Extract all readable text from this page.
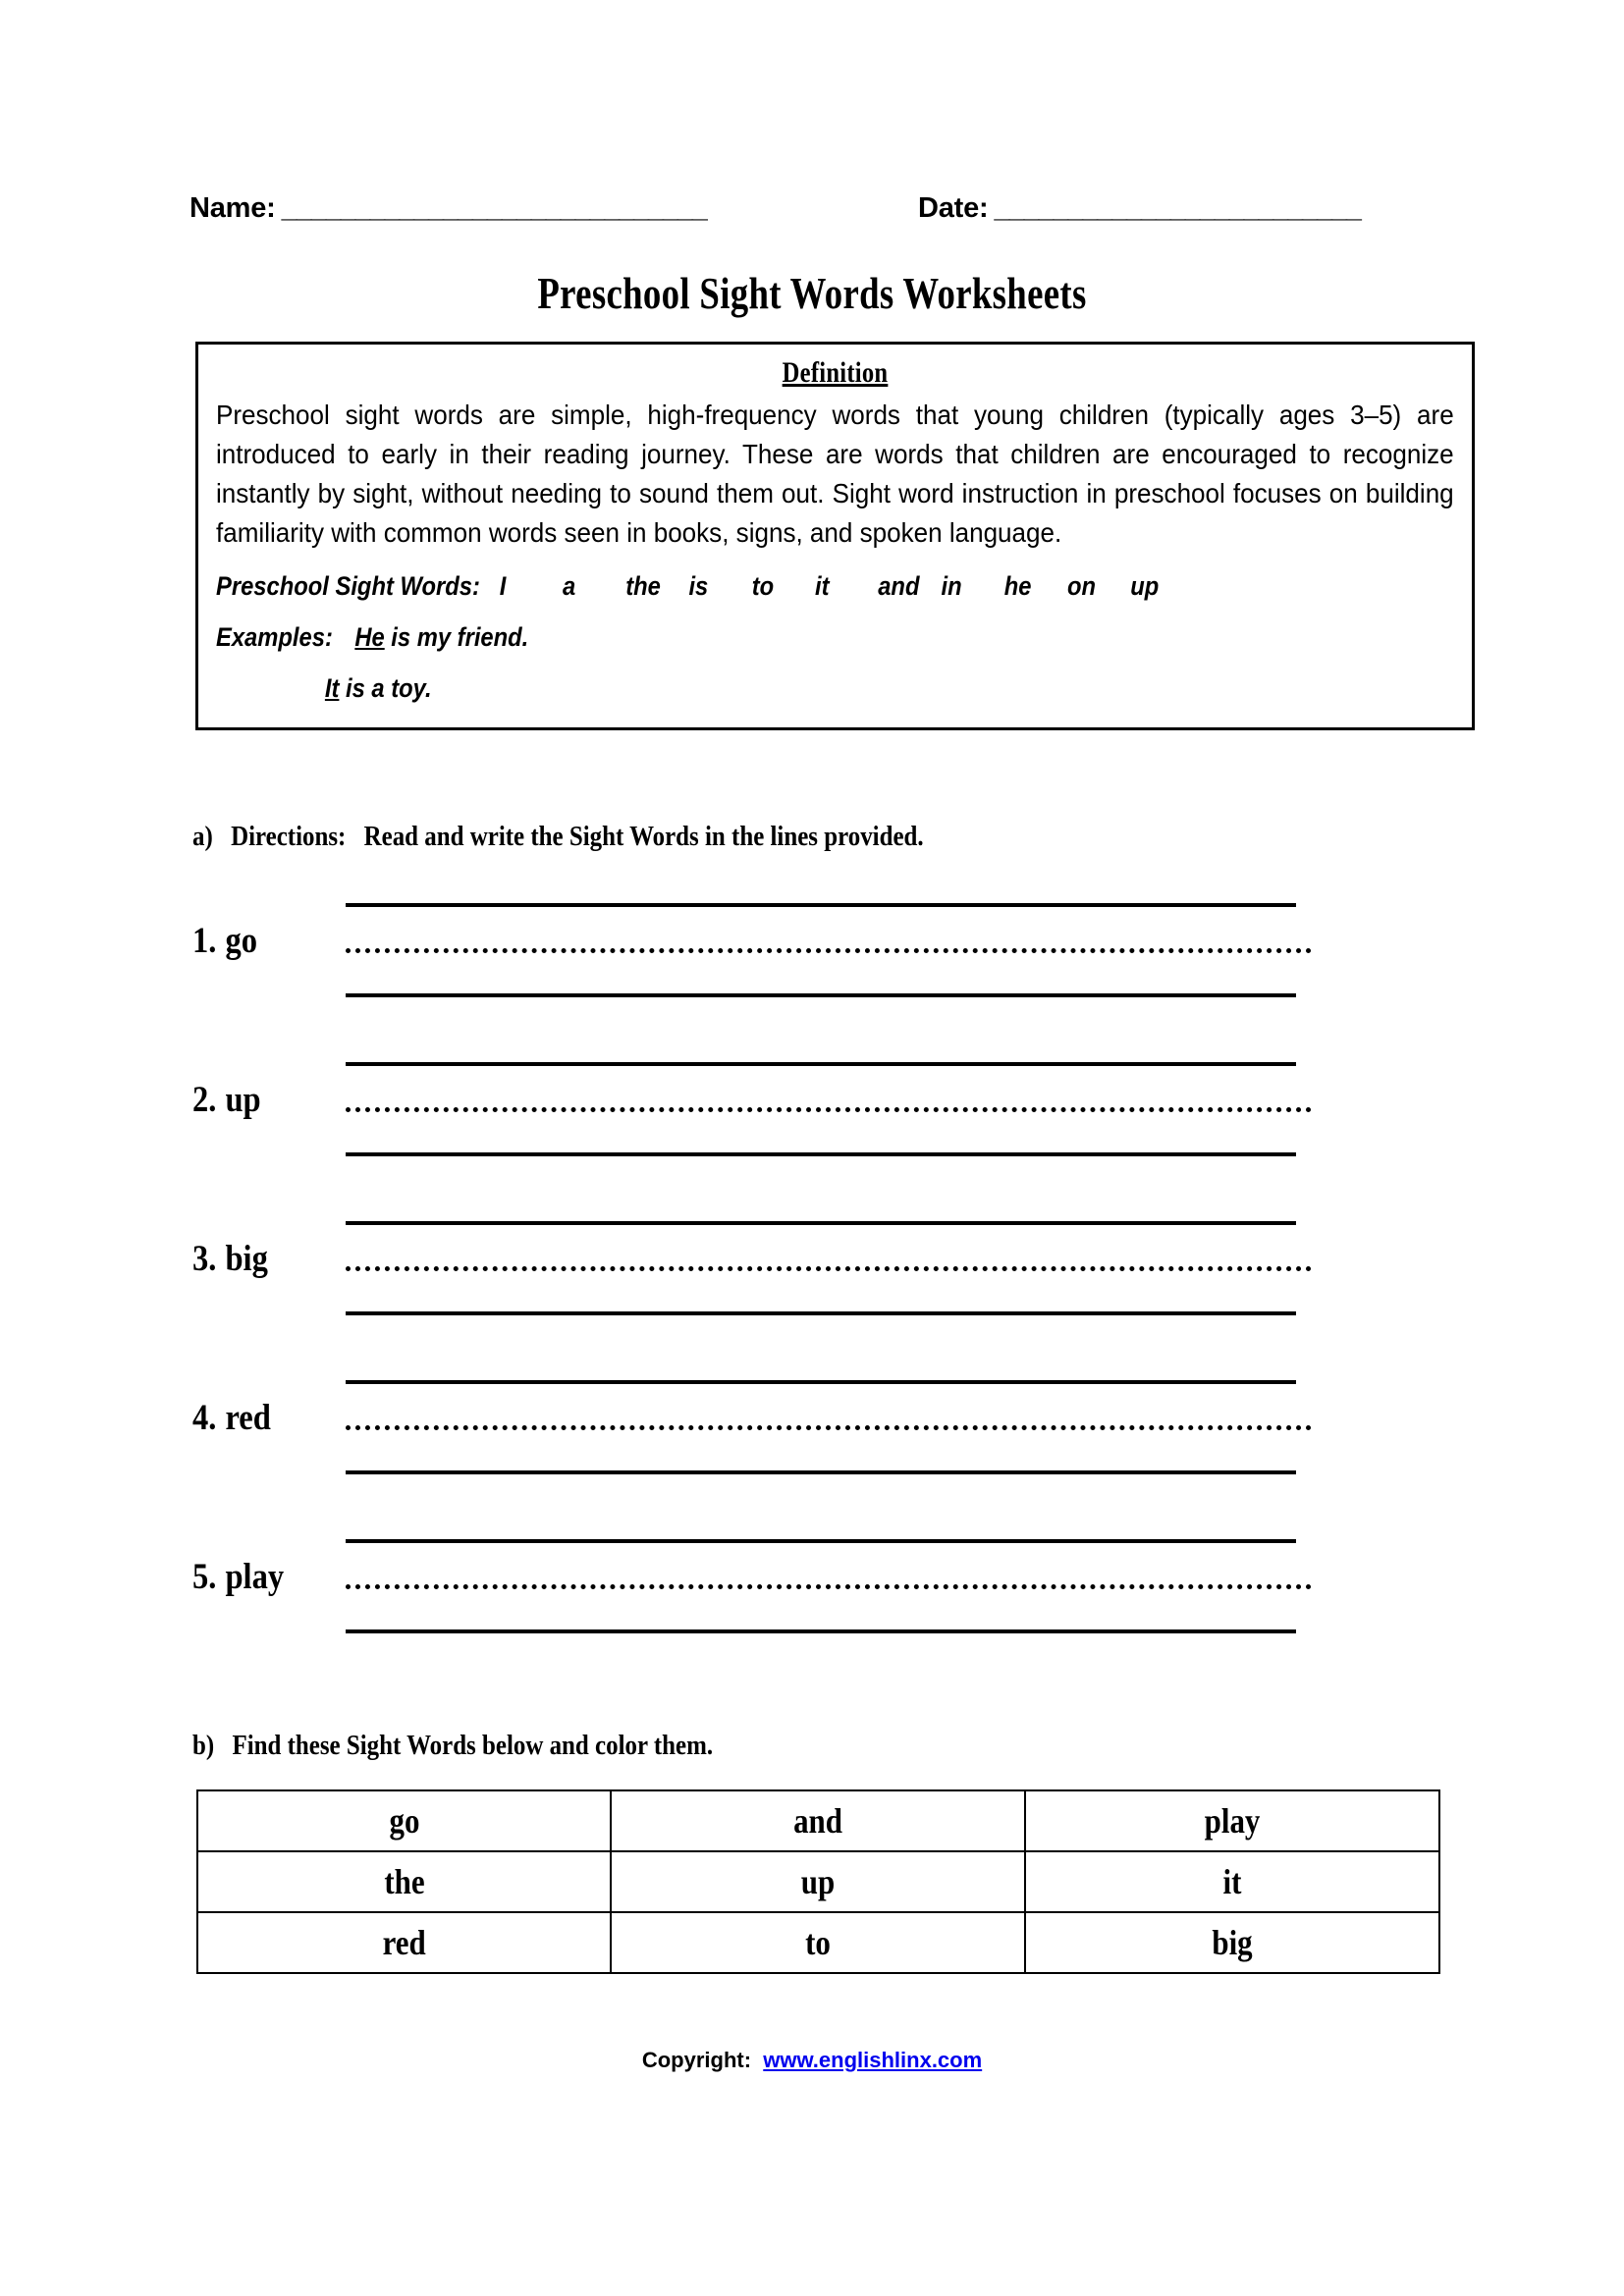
Name: _____________________________	Date: _________________________
Preschool Sight Words Worksheets
Definition

Preschool sight words are simple, high-frequency words that young children (typically ages 3–5) are introduced to early in their reading journey. These are words that children are encouraged to recognize instantly by sight, without needing to sound them out. Sight word instruction in preschool focuses on building familiarity with common words seen in books, signs, and spoken language.

Preschool Sight Words: I a the is to it and in he on up
Examples: He is my friend.
It is a toy.
a) Directions: Read and write the Sight Words in the lines provided.
1. go
2. up
3. big
4. red
5. play
b) Find these Sight Words below and color them.
go	and	play
the	up	it
red	to	big
Copyright: www.englishlinx.com
